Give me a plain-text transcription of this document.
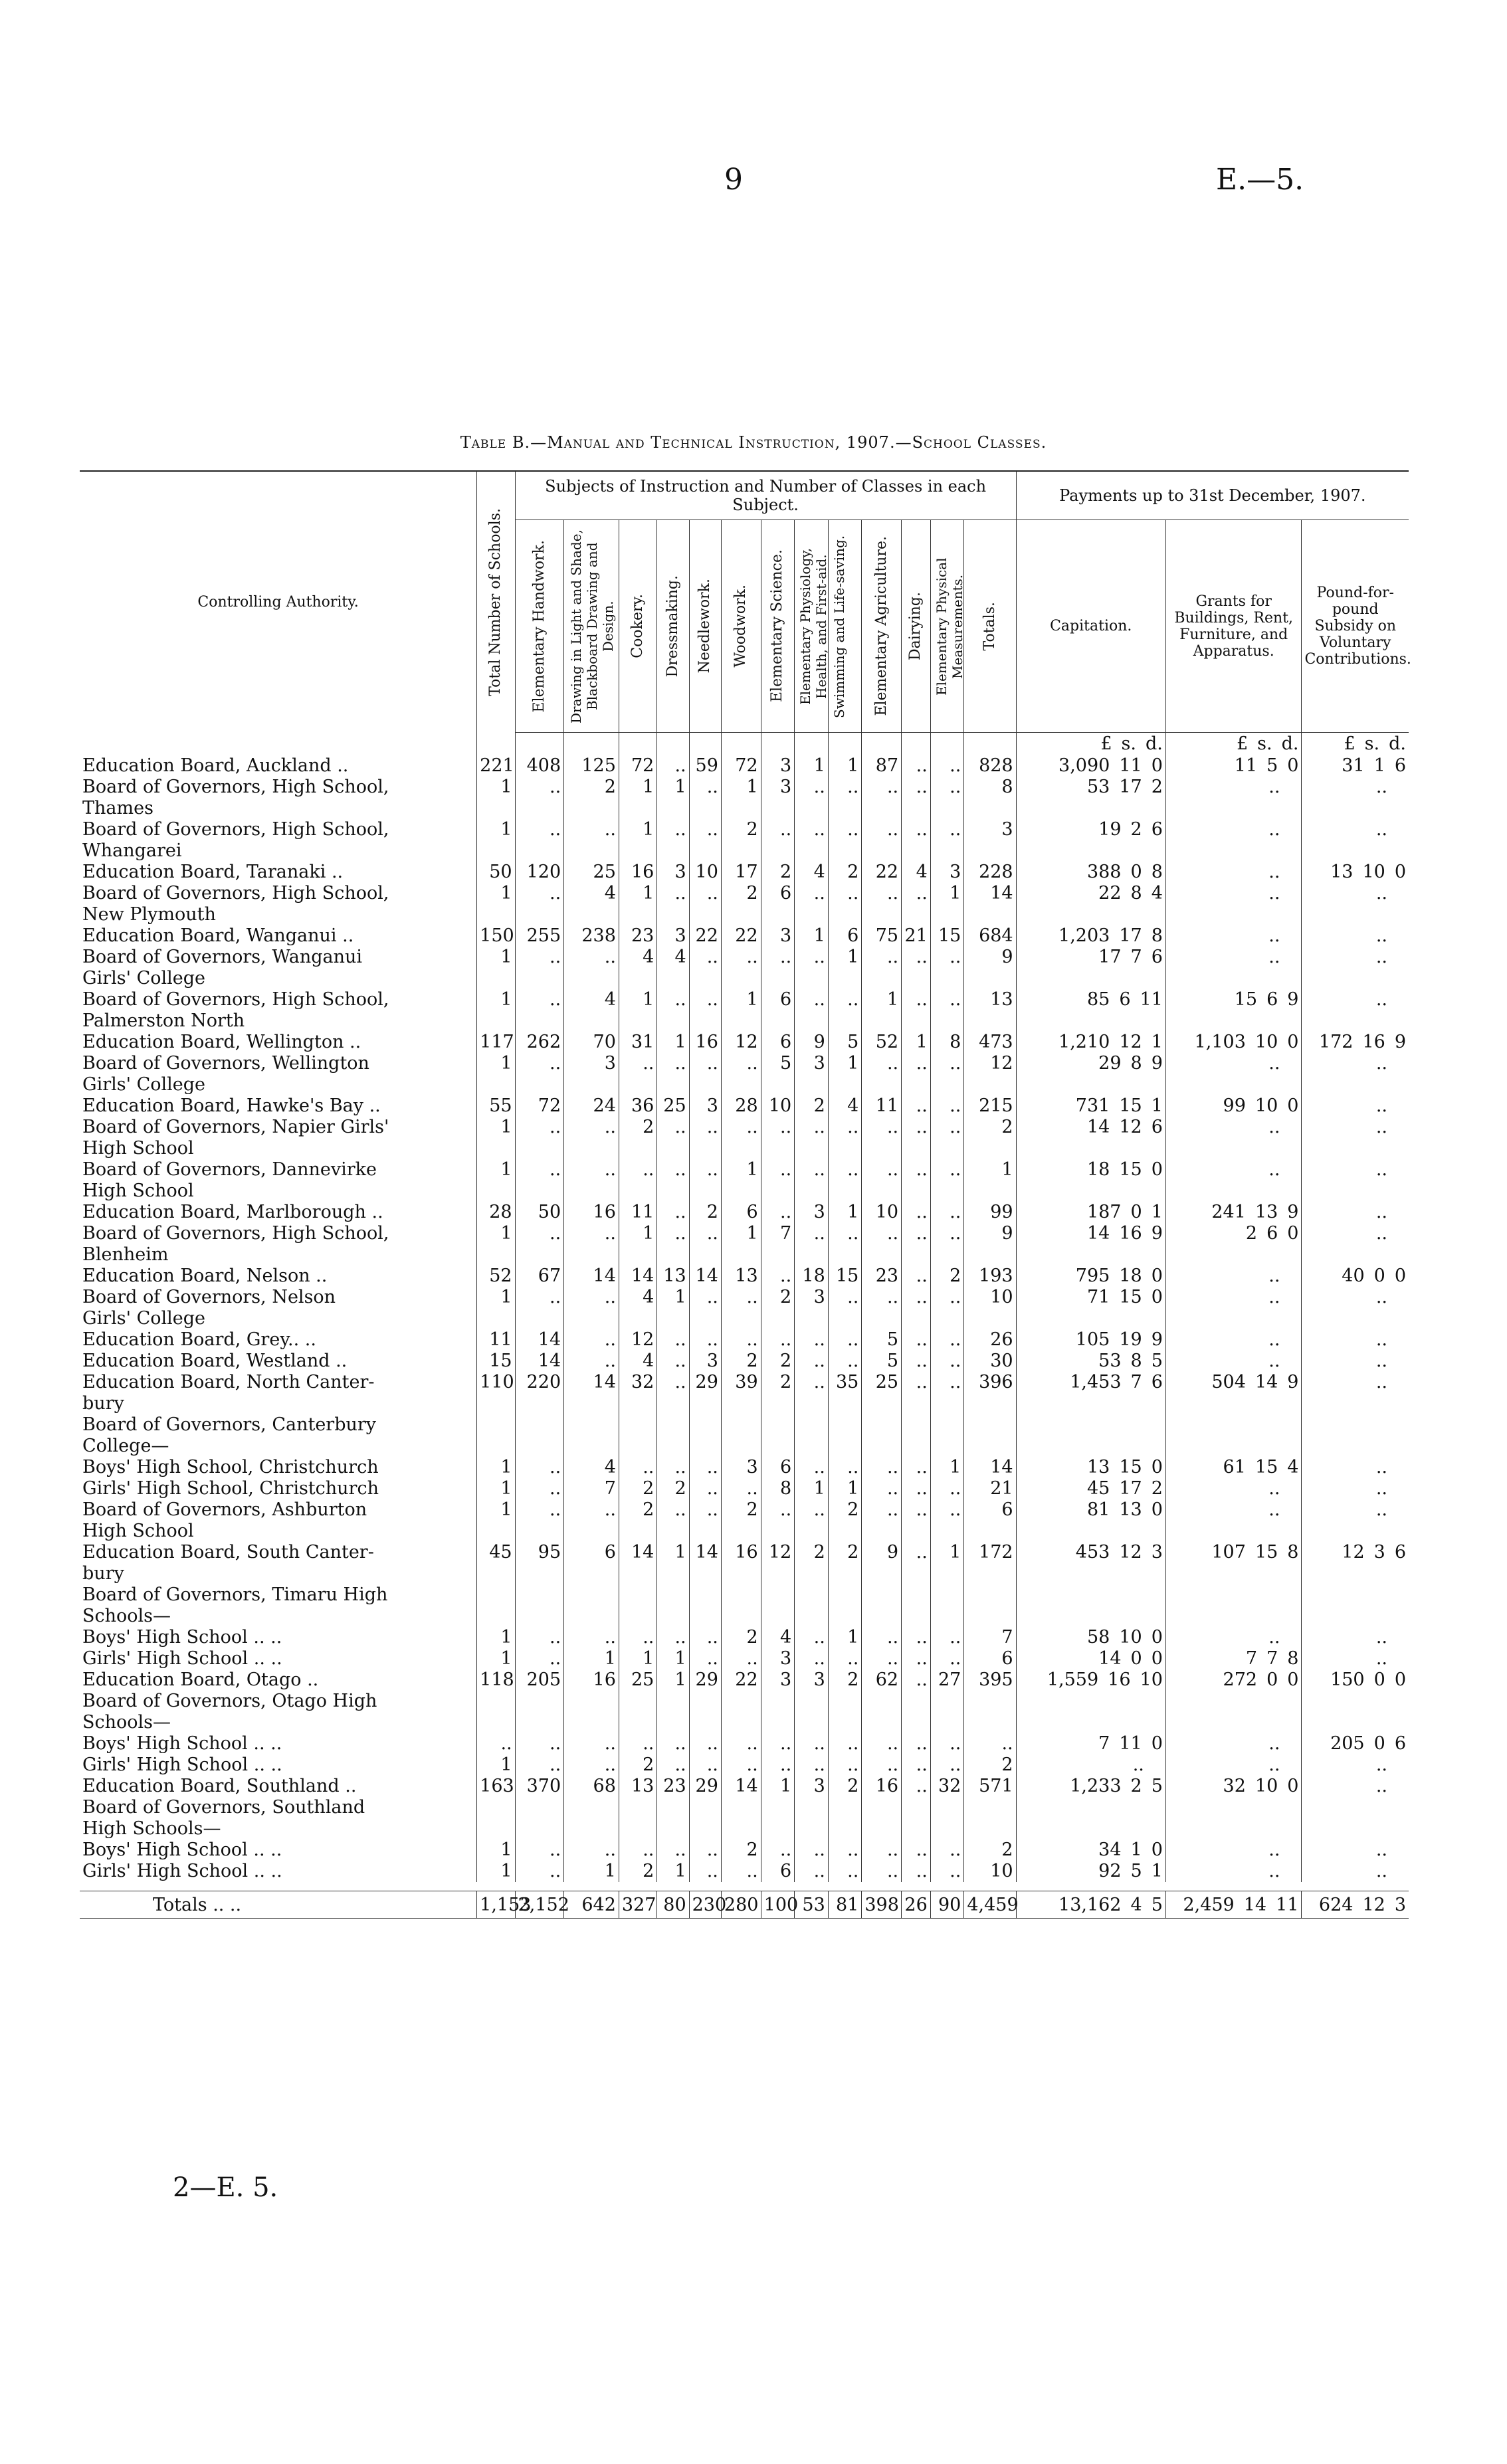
9	E.—5.
Table B.—Manual and Technical Instruction, 1907.—School Classes.
Controlling Authority.	Total Number of Schools.	Subjects of Instruction and Number of Classes in each Subject.													Payments up to 31st December, 1907.		

		Elementary Handwork.	Drawing in Light and Shade, Blackboard Drawing and Design.	Cookery.	Dressmaking.	Needlework.	Woodwork.	Elementary Science.	Elementary Physiology, Health, and First-aid.	Swimming and Life-saving.	Elementary Agriculture.	Dairying.	Elementary Physical Measurements.	Totals.	Capitation.	Grants for Buildings, Rent, Furniture, and Apparatus.	Pound-for-pound Subsidy on Voluntary Contributions.

															£ s. d.	£ s. d.	£ s. d.

Education Board, Auckland ..	221	408	125	72	..	59	72	3	1	1	87	..	..	828	3,090 11 0	11 5 0	31 1 6

Board of Governors, High School,	1	..	2	1	1	..	1	3	..	..	..	..	..	8	53 17 2	..	..

Thames															

Board of Governors, High School,	1	..	..	1	..	..	2	..	..	..	..	..	..	3	19 2 6	..	..

Whangarei															

Education Board, Taranaki ..	50	120	25	16	3	10	17	2	4	2	22	4	3	228	388 0 8	..	13 10 0

Board of Governors, High School,	1	..	4	1	..	..	2	6	..	..	..	..	1	14	22 8 4	..	..

New Plymouth															

Education Board, Wanganui ..	150	255	238	23	3	22	22	3	1	6	75	21	15	684	1,203 17 8	..	..

Board of Governors, Wanganui	1	..	..	4	4	..	..	..	..	1	..	..	..	9	17 7 6	..	..

Girls' College															

Board of Governors, High School,	1	..	4	1	..	..	1	6	..	..	1	..	..	13	85 6 11	15 6 9	..

Palmerston North															

Education Board, Wellington ..	117	262	70	31	1	16	12	6	9	5	52	1	8	473	1,210 12 1	1,103 10 0	172 16 9

Board of Governors, Wellington	1	..	3	..	..	..	..	5	3	1	..	..	..	12	29 8 9	..	..

Girls' College															

Education Board, Hawke's Bay ..	55	72	24	36	25	3	28	10	2	4	11	..	..	215	731 15 1	99 10 0	..

Board of Governors, Napier Girls'	1	..	..	2	..	..	..	..	..	..	..	..	..	2	14 12 6	..	..

High School															

Board of Governors, Dannevirke	1	..	..	..	..	..	1	..	..	..	..	..	..	1	18 15 0	..	..

High School															

Education Board, Marlborough ..	28	50	16	11	..	2	6	..	3	1	10	..	..	99	187 0 1	241 13 9	..

Board of Governors, High School,	1	..	..	1	..	..	1	7	..	..	..	..	..	9	14 16 9	2 6 0	..

Blenheim															

Education Board, Nelson ..	52	67	14	14	13	14	13	..	18	15	23	..	2	193	795 18 0	..	40 0 0

Board of Governors, Nelson	1	..	..	4	1	..	..	2	3	..	..	..	..	10	71 15 0	..	..

Girls' College															

Education Board, Grey.. ..	11	14	..	12	..	..	..	..	..	..	5	..	..	26	105 19 9	..	..

Education Board, Westland ..	15	14	..	4	..	3	2	2	..	..	5	..	..	30	53 8 5	..	..

Education Board, North Canter-	110	220	14	32	..	29	39	2	..	35	25	..	..	396	1,453 7 6	504 14 9	..

bury															

Board of Governors, Canterbury															

College—															

Boys' High School, Christchurch	1	..	4	..	..	..	3	6	..	..	..	..	1	14	13 15 0	61 15 4	..

Girls' High School, Christchurch	1	..	7	2	2	..	..	8	1	1	..	..	..	21	45 17 2	..	..

Board of Governors, Ashburton	1	..	..	2	..	..	2	..	..	2	..	..	..	6	81 13 0	..	..

High School															

Education Board, South Canter-	45	95	6	14	1	14	16	12	2	2	9	..	1	172	453 12 3	107 15 8	12 3 6

bury															

Board of Governors, Timaru High															

Schools—															

Boys' High School .. ..	1	..	..	..	..	..	2	4	..	1	..	..	..	7	58 10 0	..	..

Girls' High School .. ..	1	..	1	1	1	..	..	3	..	..	..	..	..	6	14 0 0	7 7 8	..

Education Board, Otago ..	118	205	16	25	1	29	22	3	3	2	62	..	27	395	1,559 16 10	272 0 0	150 0 0

Board of Governors, Otago High															

Schools—															

Boys' High School .. ..	..	..	..	..	..	..	..	..	..	..	..	..	..	..	7 11 0	..	205 0 6

Girls' High School .. ..	1	..	..	2	..	..	..	..	..	..	..	..	..	2	..	..	..

Education Board, Southland ..	163	370	68	13	23	29	14	1	3	2	16	..	32	571	1,233 2 5	32 10 0	..

Board of Governors, Southland															

High Schools—															

Boys' High School .. ..	1	..	..	..	..	..	2	..	..	..	..	..	..	2	34 1 0	..	..

Girls' High School .. ..	1	..	1	2	1	..	..	6	..	..	..	..	..	10	92 5 1	..	..

Totals .. ..	1,153	2,152	642	327	80	230	280	100	53	81	398	26	90	4,459	13,162 4 5	2,459 14 11	624 12 3
2—E. 5.
